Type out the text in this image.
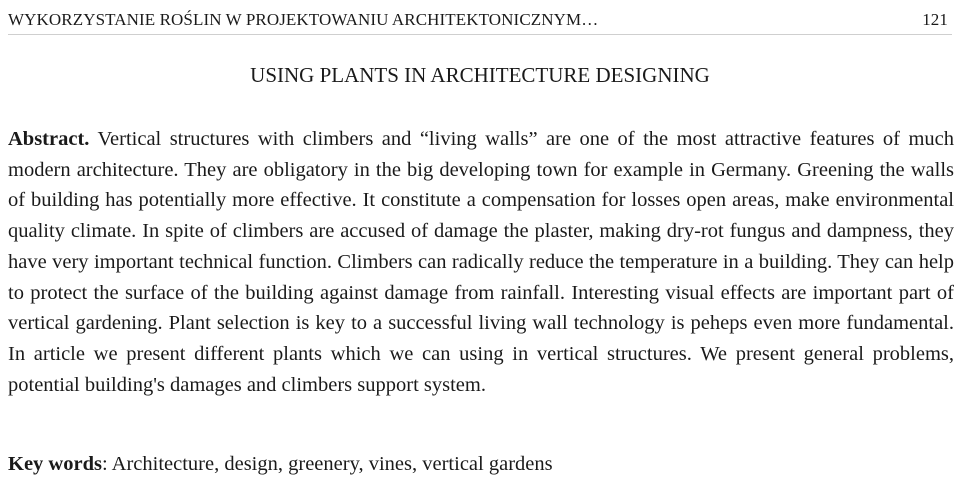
WYKORZYSTANIE ROŚLIN W PROJEKTOWANIU ARCHITEKTONICZNYM…	121
USING PLANTS IN ARCHITECTURE DESIGNING

Abstract. Vertical structures with climbers and “living walls” are one of the most attractive features of much modern architecture. They are obligatory in the big developing town for example in Germany. Greening the walls of building has potentially more effective. It constitute a compensation for losses open areas, make environmental quality climate. In spite of climbers are accused of damage the plaster, making dry-rot fungus and dampness, they have very important technical function. Climbers can radically reduce the temperature in a building. They can help to protect the surface of the building against damage from rainfall. Interesting visual effects are important part of vertical gardening. Plant selection is key to a successful living wall technology is peheps even more fundamental. In article we present different plants which we can using in vertical structures. We present general problems, potential building's damages and climbers support system.

Key words: Architecture, design, greenery, vines, vertical gardens
